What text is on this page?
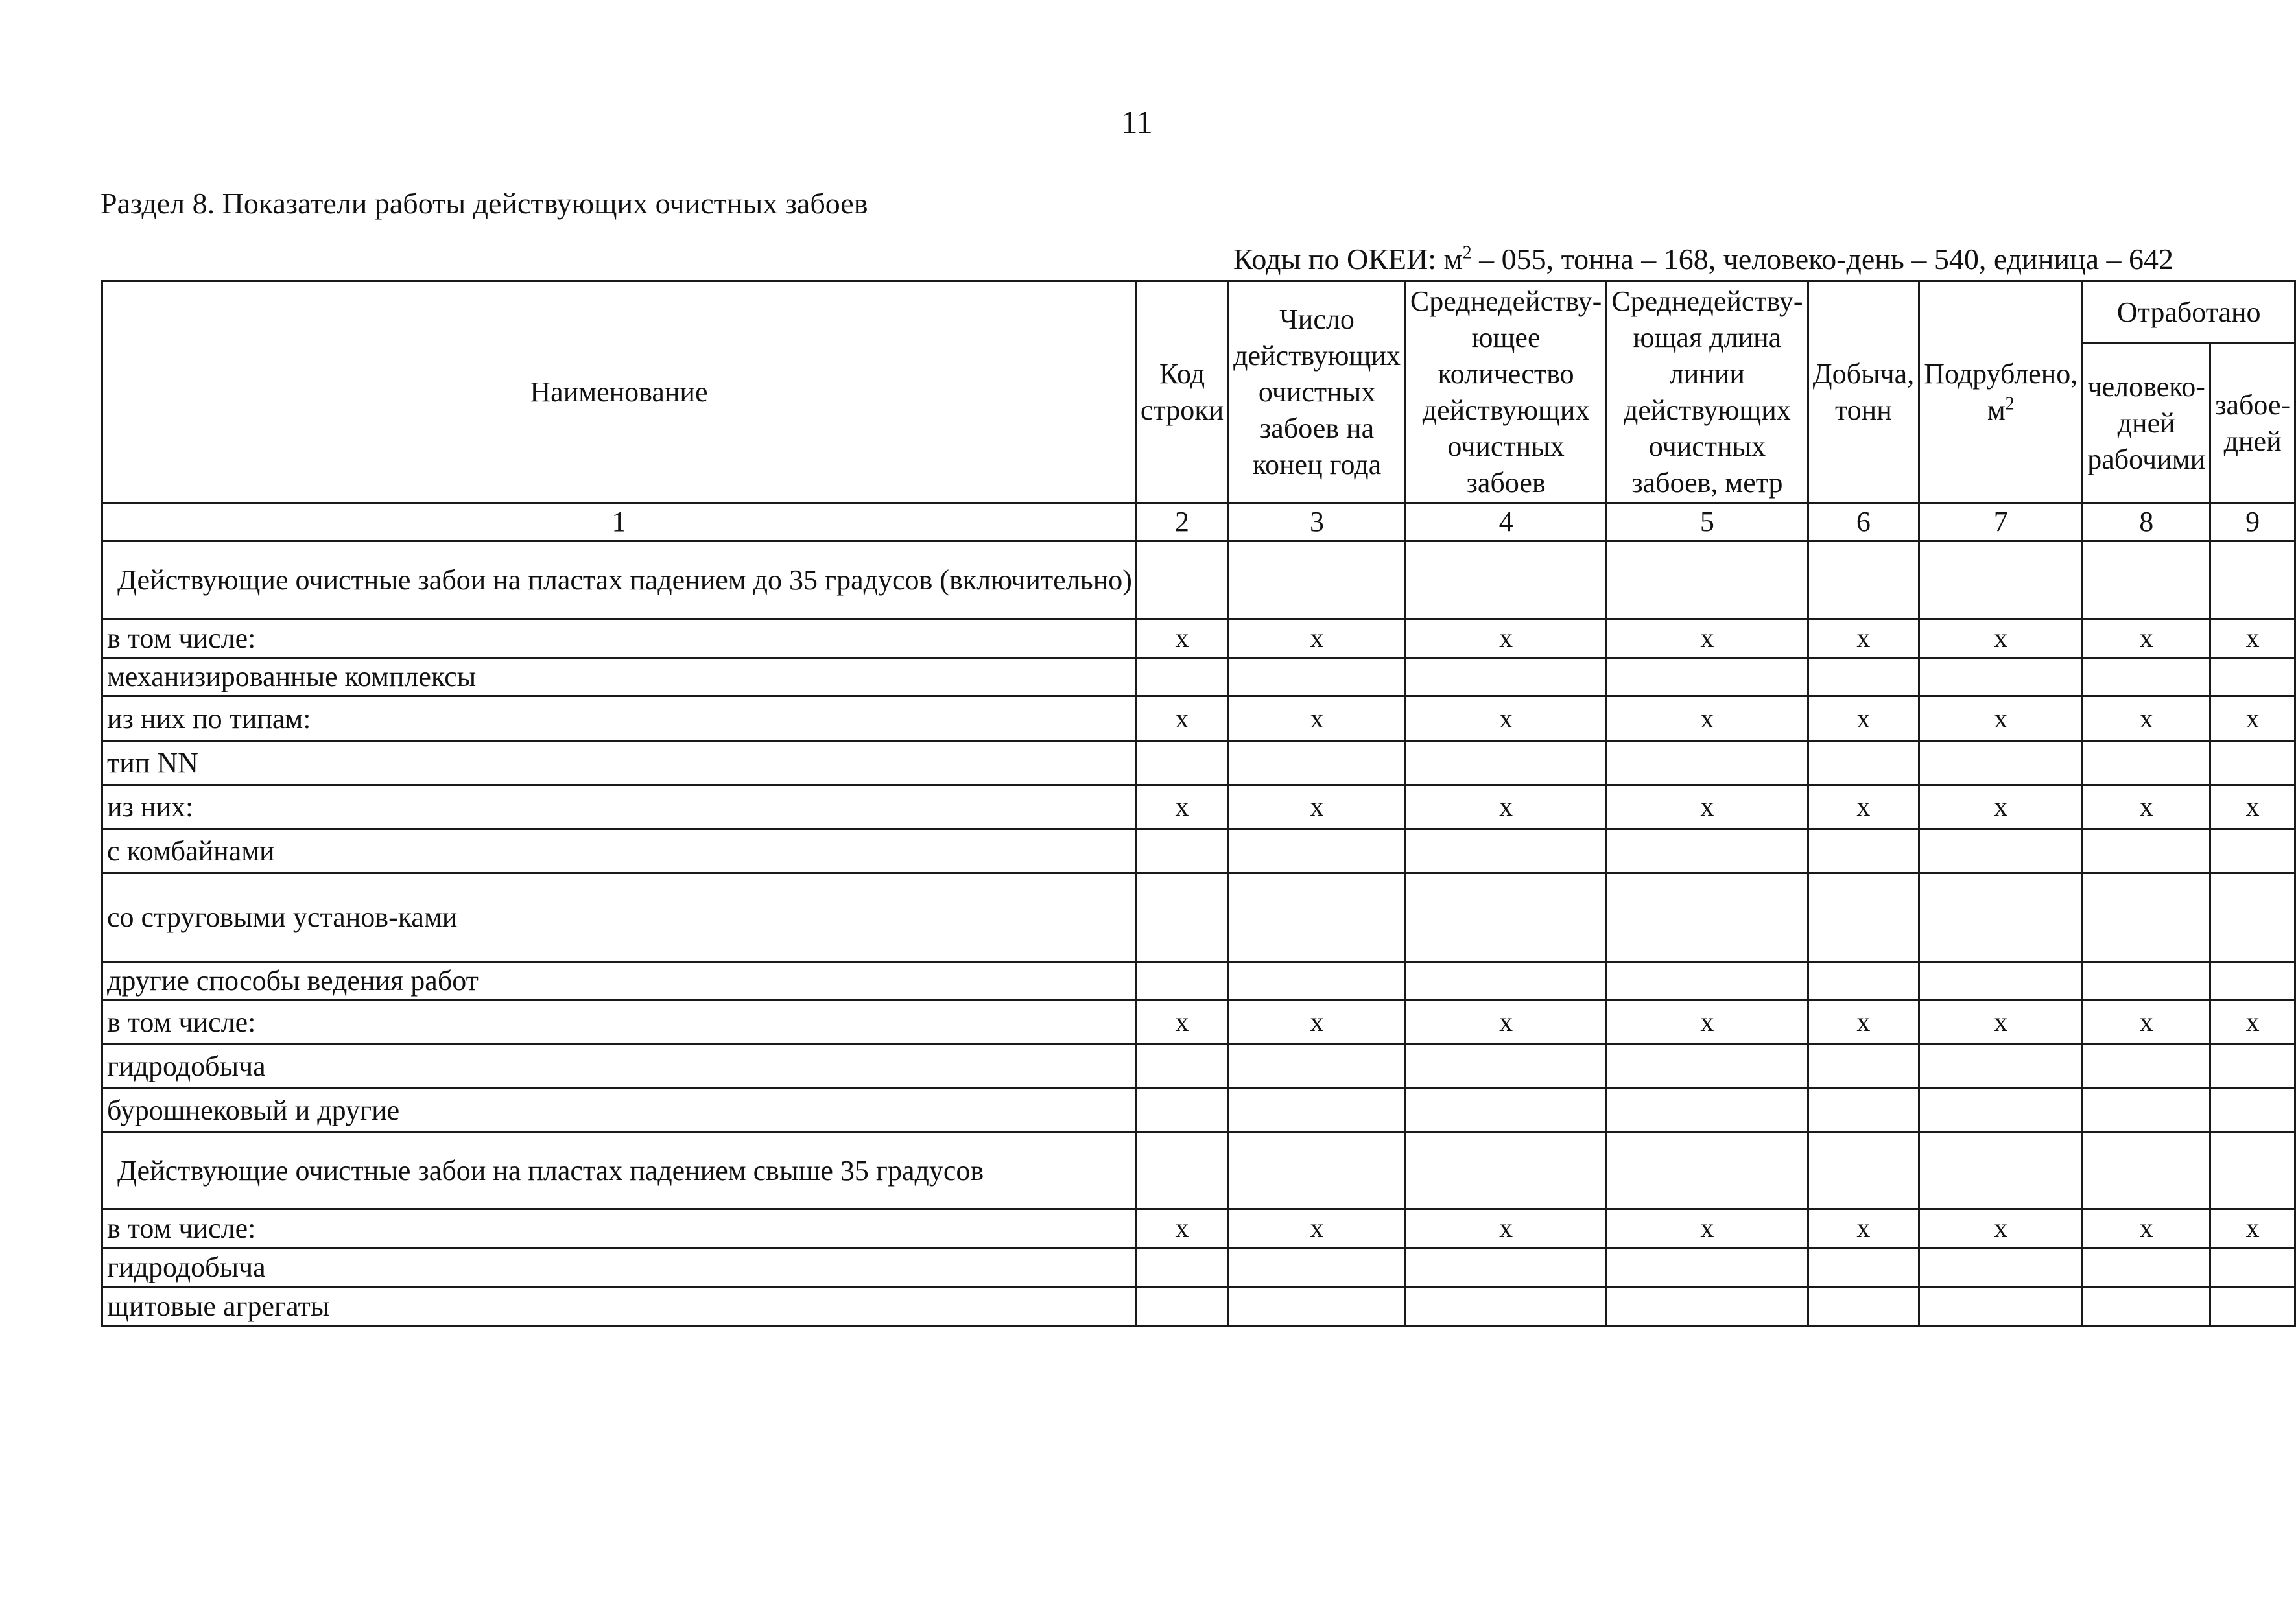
11
Раздел 8. Показатели работы действующих очистных забоев
Коды по ОКЕИ: $м^2 - 055$, тонна – 168, человеко-день – 540, единица – 642
Наименование	Код строки	Число действующих очистных забоев на конец года	Среднедейству-ющее количество действующих очистных забоев	Среднедейству-ющая длина линии действующих очистных забоев, метр	Добыча, тонн	Подрублено, $м^2$	Отработано	
							человеко-дней рабочими	забое-дней
1	2	3	4	5	6	7	8	9
Действующие очистные забои на пластах падением до 35 градусов (включительно)								
в том числе:	х	х	х	х	х	х	х	х
механизированные комплексы								
из них по типам:	х	х	х	х	х	х	х	х
тип NN								
из них:	х	х	х	х	х	х	х	х
с комбайнами								
со струговыми установ-ками								
другие способы ведения работ								
в том числе:	х	х	х	х	х	х	х	х
гидродобыча								
бурошнековый и другие								
Действующие очистные забои на пластах падением свыше 35 градусов								
в том числе:	х	х	х	х	х	х	х	х
гидродобыча								
щитовые агрегаты								
